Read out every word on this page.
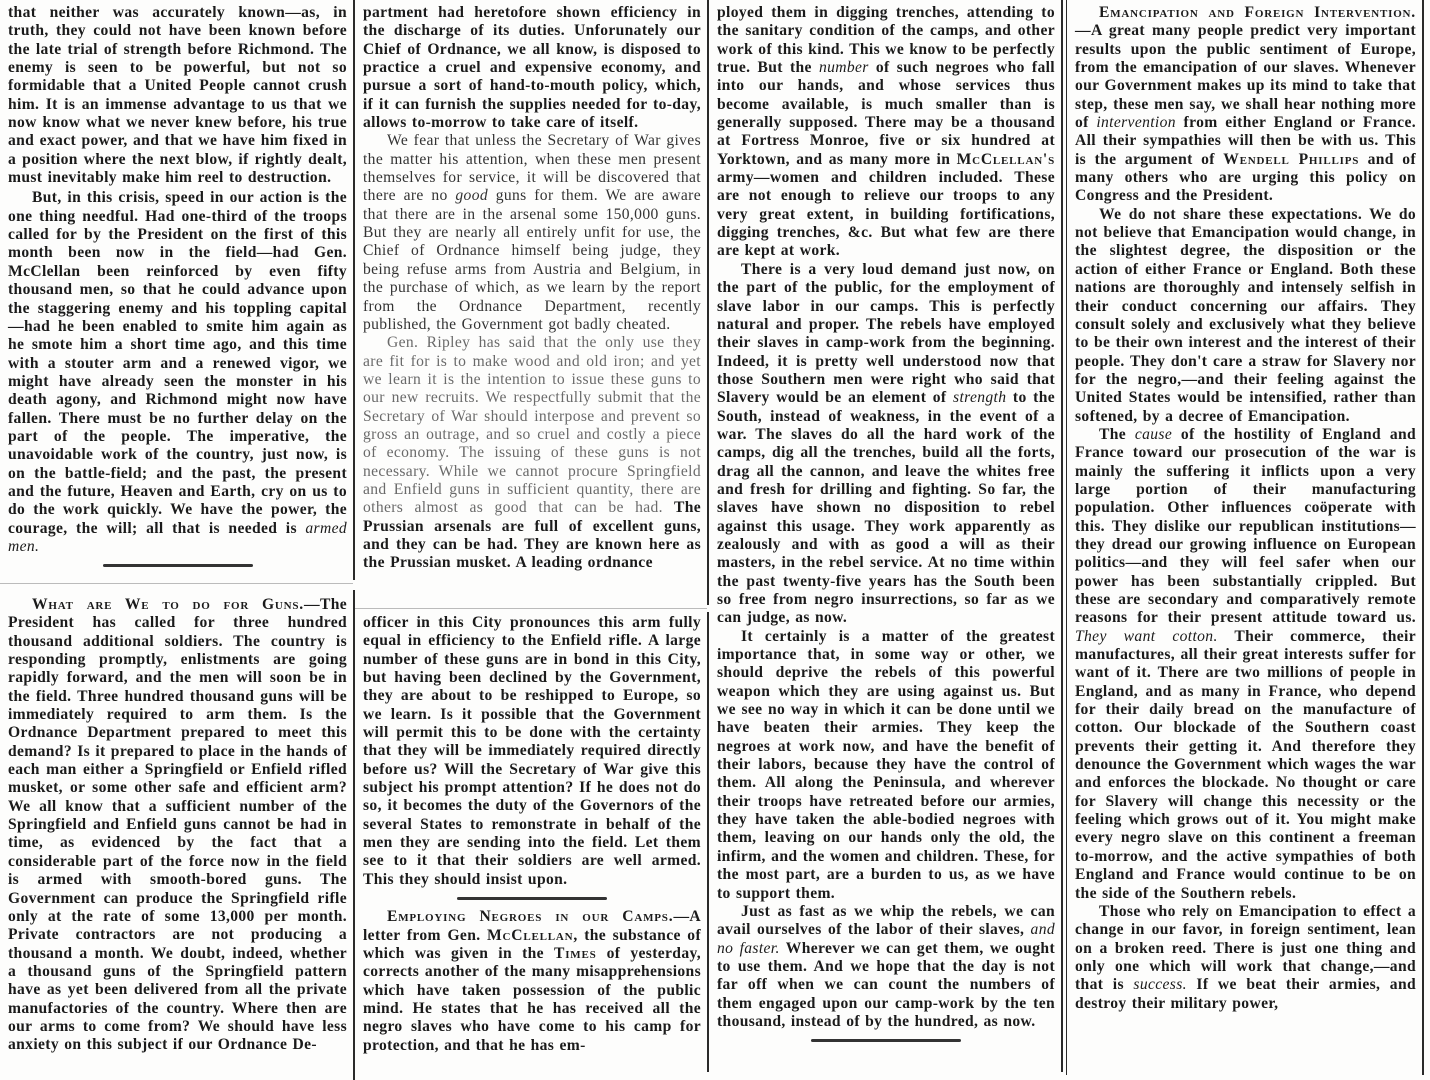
that neither was accurately known—as, in truth, they could not have been known before the late trial of strength before Richmond. The enemy is seen to be powerful, but not so formidable that a United People cannot crush him. It is an immense advantage to us that we now know what we never knew before, his true and exact power, and that we have him fixed in a position where the next blow, if rightly dealt, must inevitably make him reel to destruction.

But, in this crisis, speed in our action is the one thing needful. Had one-third of the troops called for by the President on the first of this month been now in the field—had Gen. McClellan been reinforced by even fifty thousand men, so that he could advance upon the staggering enemy and his toppling capital—had he been enabled to smite him again as he smote him a short time ago, and this time with a stouter arm and a renewed vigor, we might have already seen the monster in his death agony, and Richmond might now have fallen. There must be no further delay on the part of the people. The imperative, the unavoidable work of the country, just now, is on the battle-field; and the past, the present and the future, Heaven and Earth, cry on us to do the work quickly. We have the power, the courage, the will; all that is needed is armed men.

What are We to do for Guns.—The President has called for three hundred thousand additional soldiers. The country is responding promptly, enlistments are going rapidly forward, and the men will soon be in the field. Three hundred thousand guns will be immediately required to arm them. Is the Ordnance Department prepared to meet this demand? Is it prepared to place in the hands of each man either a Springfield or Enfield rifled musket, or some other safe and efficient arm? We all know that a sufficient number of the Springfield and Enfield guns cannot be had in time, as evidenced by the fact that a considerable part of the force now in the field is armed with smooth-bored guns. The Government can produce the Springfield rifle only at the rate of some 13,000 per month. Private contractors are not producing a thousand a month. We doubt, indeed, whether a thousand guns of the Springfield pattern have as yet been delivered from all the private manufactories of the country. Where then are our arms to come from? We should have less anxiety on this subject if our Ordnance De-

partment had heretofore shown efficiency in the discharge of its duties. Unforunately our Chief of Ordnance, we all know, is disposed to practice a cruel and expensive economy, and pursue a sort of hand-to-mouth policy, which, if it can furnish the supplies needed for to-day, allows to-morrow to take care of itself.

We fear that unless the Secretary of War gives the matter his attention, when these men present themselves for service, it will be discovered that there are no good guns for them. We are aware that there are in the arsenal some 150,000 guns. But they are nearly all entirely unfit for use, the Chief of Ordnance himself being judge, they being refuse arms from Austria and Belgium, in the purchase of which, as we learn by the report from the Ordnance Department, recently published, the Government got badly cheated.

Gen. Ripley has said that the only use they are fit for is to make wood and old iron; and yet we learn it is the intention to issue these guns to our new recruits. We respectfully submit that the Secretary of War should interpose and prevent so gross an outrage, and so cruel and costly a piece of economy. The issuing of these guns is not necessary. While we cannot procure Springfield and Enfield guns in sufficient quantity, there are others almost as good that can be had. The Prussian arsenals are full of excellent guns, and they can be had. They are known here as the Prussian musket. A leading ordnance

officer in this City pronounces this arm fully equal in efficiency to the Enfield rifle. A large number of these guns are in bond in this City, but having been declined by the Government, they are about to be reshipped to Europe, so we learn. Is it possible that the Government will permit this to be done with the certainty that they will be immediately required directly before us? Will the Secretary of War give this subject his prompt attention? If he does not do so, it becomes the duty of the Governors of the several States to remonstrate in behalf of the men they are sending into the field. Let them see to it that their soldiers are well armed. This they should insist upon.

Employing Negroes in our Camps.—A letter from Gen. McClellan, the substance of which was given in the Times of yesterday, corrects another of the many misapprehensions which have taken possession of the public mind. He states that he has received all the negro slaves who have come to his camp for protection, and that he has em-

ployed them in digging trenches, attending to the sanitary condition of the camps, and other work of this kind. This we know to be perfectly true. But the number of such negroes who fall into our hands, and whose services thus become available, is much smaller than is generally supposed. There may be a thousand at Fortress Monroe, five or six hundred at Yorktown, and as many more in McClellan's army—women and children included. These are not enough to relieve our troops to any very great extent, in building fortifications, digging trenches, &c. But what few are there are kept at work.

There is a very loud demand just now, on the part of the public, for the employment of slave labor in our camps. This is perfectly natural and proper. The rebels have employed their slaves in camp-work from the beginning. Indeed, it is pretty well understood now that those Southern men were right who said that Slavery would be an element of strength to the South, instead of weakness, in the event of a war. The slaves do all the hard work of the camps, dig all the trenches, build all the forts, drag all the cannon, and leave the whites free and fresh for drilling and fighting. So far, the slaves have shown no disposition to rebel against this usage. They work apparently as zealously and with as good a will as their masters, in the rebel service. At no time within the past twenty-five years has the South been so free from negro insurrections, so far as we can judge, as now.

It certainly is a matter of the greatest importance that, in some way or other, we should deprive the rebels of this powerful weapon which they are using against us. But we see no way in which it can be done until we have beaten their armies. They keep the negroes at work now, and have the benefit of their labors, because they have the control of them. All along the Peninsula, and wherever their troops have retreated before our armies, they have taken the able-bodied negroes with them, leaving on our hands only the old, the infirm, and the women and children. These, for the most part, are a burden to us, as we have to support them.

Just as fast as we whip the rebels, we can avail ourselves of the labor of their slaves, and no faster. Wherever we can get them, we ought to use them. And we hope that the day is not far off when we can count the numbers of them engaged upon our camp-work by the ten thousand, instead of by the hundred, as now.

Emancipation and Foreign Intervention.—A great many people predict very important results upon the public sentiment of Europe, from the emancipation of our slaves. Whenever our Government makes up its mind to take that step, these men say, we shall hear nothing more of intervention from either England or France. All their sympathies will then be with us. This is the argument of Wendell Phillips and of many others who are urging this policy on Congress and the President.

We do not share these expectations. We do not believe that Emancipation would change, in the slightest degree, the disposition or the action of either France or England. Both these nations are thoroughly and intensely selfish in their conduct concerning our affairs. They consult solely and exclusively what they believe to be their own interest and the interest of their people. They don't care a straw for Slavery nor for the negro,—and their feeling against the United States would be intensified, rather than softened, by a decree of Emancipation.

The cause of the hostility of England and France toward our prosecution of the war is mainly the suffering it inflicts upon a very large portion of their manufacturing population. Other influences coöperate with this. They dislike our republican institutions—they dread our growing influence on European politics—and they will feel safer when our power has been substantially crippled. But these are secondary and comparatively remote reasons for their present attitude toward us. They want cotton. Their commerce, their manufactures, all their great interests suffer for want of it. There are two millions of people in England, and as many in France, who depend for their daily bread on the manufacture of cotton. Our blockade of the Southern coast prevents their getting it. And therefore they denounce the Government which wages the war and enforces the blockade. No thought or care for Slavery will change this necessity or the feeling which grows out of it. You might make every negro slave on this continent a freeman to-morrow, and the active sympathies of both England and France would continue to be on the side of the Southern rebels.

Those who rely on Emancipation to effect a change in our favor, in foreign sentiment, lean on a broken reed. There is just one thing and only one which will work that change,—and that is success. If we beat their armies, and destroy their military power,
